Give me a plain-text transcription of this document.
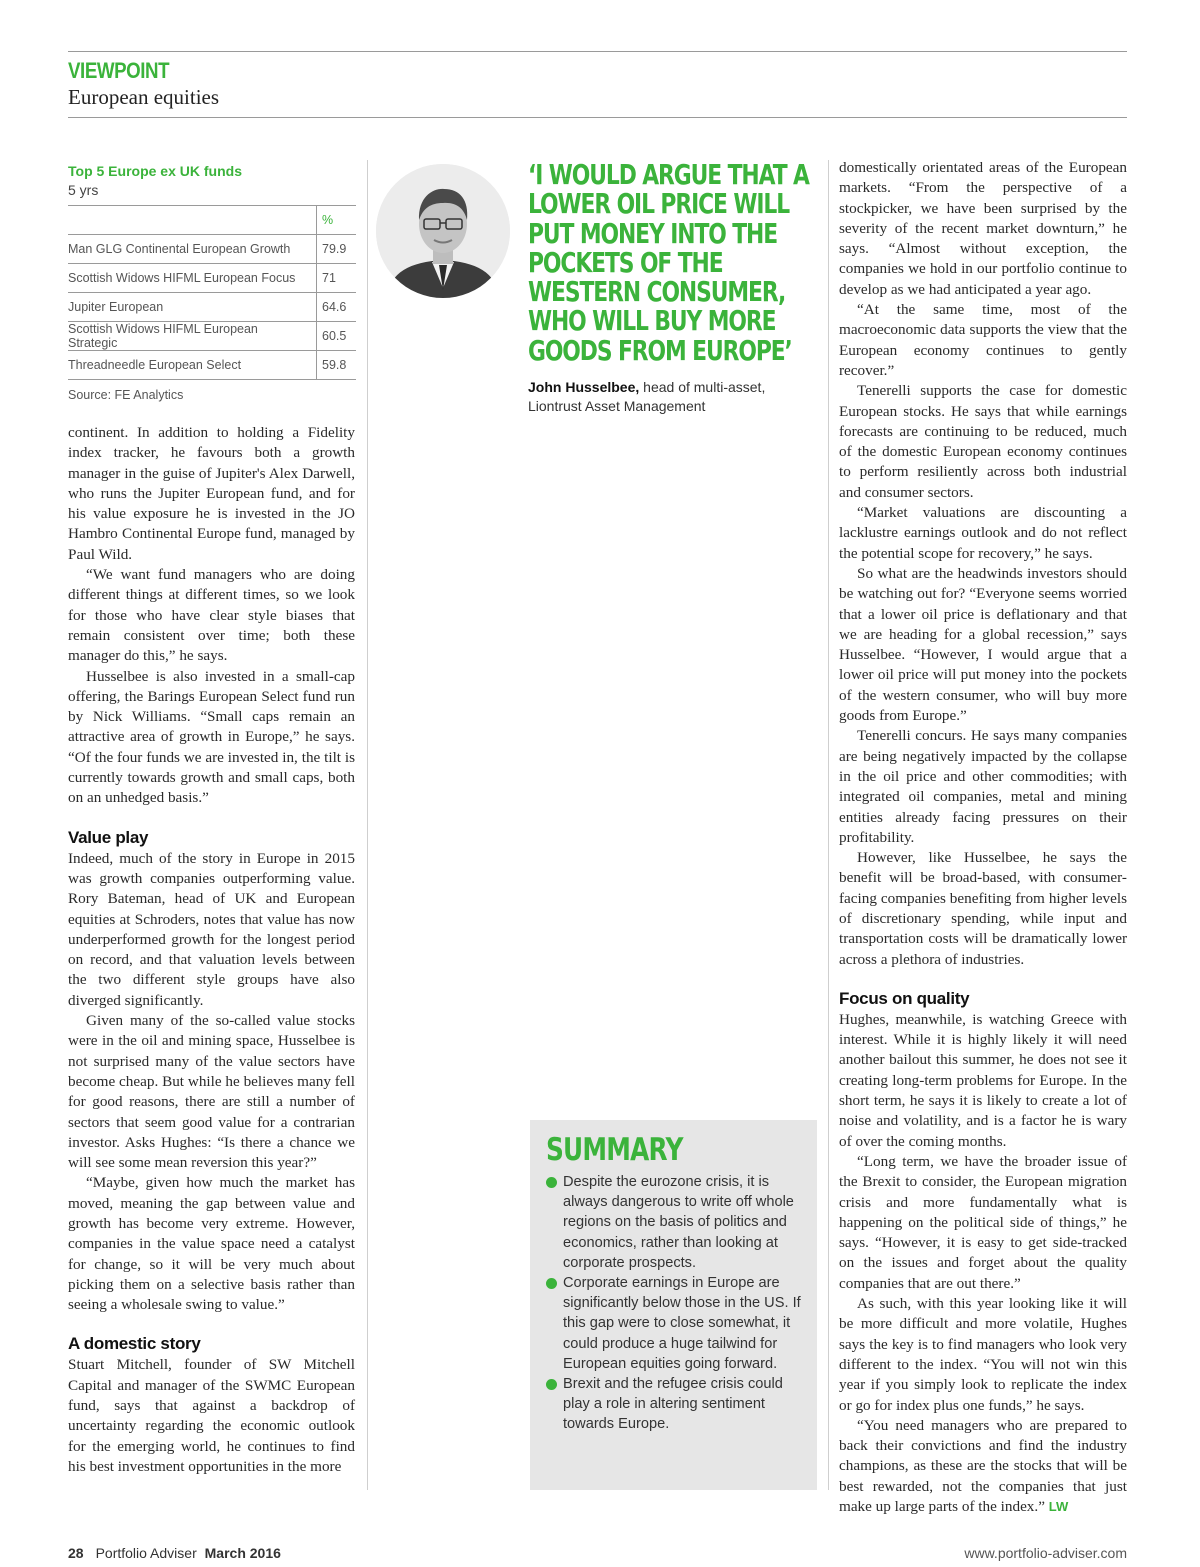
VIEWPOINT
European equities
Top 5 Europe ex UK funds
5 yrs
	%
Man GLG Continental European Growth	79.9
Scottish Widows HIFML European Focus	71
Jupiter European	64.6
Scottish Widows HIFML European Strategic	60.5
Threadneedle European Select	59.8
Source: FE Analytics

continent. In addition to holding a Fidelity index tracker, he favours both a growth manager in the guise of Jupiter's Alex Darwell, who runs the Jupiter European fund, and for his value exposure he is invested in the JO Hambro Continental Europe fund, managed by Paul Wild.

“We want fund managers who are doing different things at different times, so we look for those who have clear style biases that remain consistent over time; both these manager do this,” he says.

Husselbee is also invested in a small-cap offering, the Barings European Select fund run by Nick Williams. “Small caps remain an attractive area of growth in Europe,” he says. “Of the four funds we are invested in, the tilt is currently towards growth and small caps, both on an unhedged basis.”

Value play

Indeed, much of the story in Europe in 2015 was growth companies outperforming value. Rory Bateman, head of UK and European equities at Schroders, notes that value has now underperformed growth for the longest period on record, and that valuation levels between the two different style groups have also diverged significantly.

Given many of the so-called value stocks were in the oil and mining space, Husselbee is not surprised many of the value sectors have become cheap. But while he believes many fell for good reasons, there are still a number of sectors that seem good value for a contrarian investor. Asks Hughes: “Is there a chance we will see some mean reversion this year?”

“Maybe, given how much the market has moved, meaning the gap between value and growth has become very extreme. However, companies in the value space need a catalyst for change, so it will be very much about picking them on a selective basis rather than seeing a wholesale swing to value.”

A domestic story

Stuart Mitchell, founder of SW Mitchell Capital and manager of the SWMC European fund, says that against a backdrop of uncertainty regarding the economic outlook for the emerging world, he continues to find his best investment opportunities in the more

‘I WOULD ARGUE THAT A LOWER OIL PRICE WILL PUT MONEY INTO THE POCKETS OF THE WESTERN CONSUMER, WHO WILL BUY MORE GOODS FROM EUROPE’
John Husselbee, head of multi-asset, Liontrust Asset Management
SUMMARY
Despite the eurozone crisis, it is always dangerous to write off whole regions on the basis of politics and economics, rather than looking at corporate prospects.
Corporate earnings in Europe are significantly below those in the US. If this gap were to close somewhat, it could produce a huge tailwind for European equities going forward.
Brexit and the refugee crisis could play a role in altering sentiment towards Europe.

domestically orientated areas of the European markets. “From the perspective of a stockpicker, we have been surprised by the severity of the recent market downturn,” he says. “Almost without exception, the companies we hold in our portfolio continue to develop as we had anticipated a year ago.

“At the same time, most of the macroeconomic data supports the view that the European economy continues to gently recover.”

Tenerelli supports the case for domestic European stocks. He says that while earnings forecasts are continuing to be reduced, much of the domestic European economy continues to perform resiliently across both industrial and consumer sectors.

“Market valuations are discounting a lacklustre earnings outlook and do not reflect the potential scope for recovery,” he says.

So what are the headwinds investors should be watching out for? “Everyone seems worried that a lower oil price is deflationary and that we are heading for a global recession,” says Husselbee. “However, I would argue that a lower oil price will put money into the pockets of the western consumer, who will buy more goods from Europe.”

Tenerelli concurs. He says many companies are being negatively impacted by the collapse in the oil price and other commodities; with integrated oil companies, metal and mining entities already facing pressures on their profitability.

However, like Husselbee, he says the benefit will be broad-based, with consumer-facing companies benefiting from higher levels of discretionary spending, while input and transportation costs will be dramatically lower across a plethora of industries.

Focus on quality

Hughes, meanwhile, is watching Greece with interest. While it is highly likely it will need another bailout this summer, he does not see it creating long-term problems for Europe. In the short term, he says it is likely to create a lot of noise and volatility, and is a factor he is wary of over the coming months.

“Long term, we have the broader issue of the Brexit to consider, the European migration crisis and more fundamentally what is happening on the political side of things,” he says. “However, it is easy to get side-tracked on the issues and forget about the quality companies that are out there.”

As such, with this year looking like it will be more difficult and more volatile, Hughes says the key is to find managers who look very different to the index. “You will not win this year if you simply look to replicate the index or go for index plus one funds,” he says.

“You need managers who are prepared to back their convictions and find the industry champions, as these are the stocks that will be best rewarded, not the companies that just make up large parts of the index.” LW

28 Portfolio Adviser March 2016	www.portfolio-adviser.com
